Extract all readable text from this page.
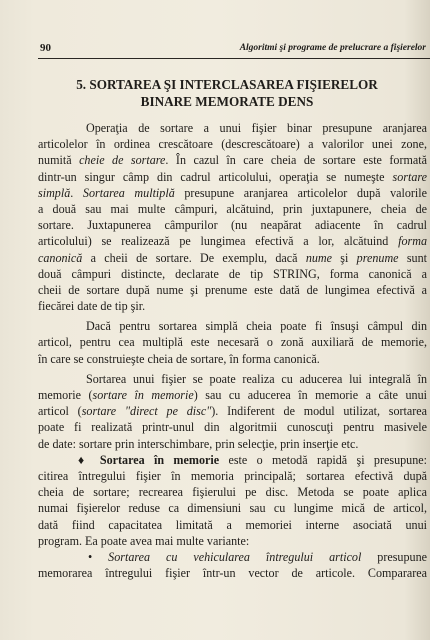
90	Algoritmi şi programe de prelucrare a fişierelor
5. SORTAREA ŞI INTERCLASAREA FIŞIERELOR
BINARE MEMORATE DENS
Operaţia de sortare a unui fişier binar presupune aranjarea
articolelor în ordinea crescătoare (descrescătoare) a valorilor unei zone,
numită cheie de sortare. În cazul în care cheia de sortare este formată
dintr-un singur câmp din cadrul articolului, operaţia se numeşte sortare
simplă. Sortarea multiplă presupune aranjarea articolelor după valorile
a două sau mai multe câmpuri, alcătuind, prin juxtapunere, cheia de
sortare. Juxtapunerea câmpurilor (nu neapărat adiacente în cadrul
articolului) se realizează pe lungimea efectivă a lor, alcătuind forma
canonică a cheii de sortare. De exemplu, dacă nume şi prenume sunt
două câmpuri distincte, declarate de tip STRING, forma canonică a
cheii de sortare după nume şi prenume este dată de lungimea efectivă a
fiecărei date de tip şir.
Dacă pentru sortarea simplă cheia poate fi însuşi câmpul din
articol, pentru cea multiplă este necesară o zonă auxiliară de memorie,
în care se construieşte cheia de sortare, în forma canonică.
Sortarea unui fişier se poate realiza cu aducerea lui integrală în
memorie (sortare în memorie) sau cu aducerea în memorie a câte unui
articol (sortare "direct pe disc"). Indiferent de modul utilizat, sortarea
poate fi realizată printr-unul din algoritmii cunoscuţi pentru masivele
de date: sortare prin interschimbare, prin selecţie, prin inserţie etc.
♦ Sortarea în memorie este o metodă rapidă şi presupune:
citirea întregului fişier în memoria principală; sortarea efectivă după
cheia de sortare; recrearea fişierului pe disc. Metoda se poate aplica
numai fişierelor reduse ca dimensiuni sau cu lungime mică de articol,
dată fiind capacitatea limitată a memoriei interne asociată unui
program. Ea poate avea mai multe variante:
• Sortarea cu vehicularea întregului articol presupune
memorarea întregului fişier într-un vector de articole. Compararea
